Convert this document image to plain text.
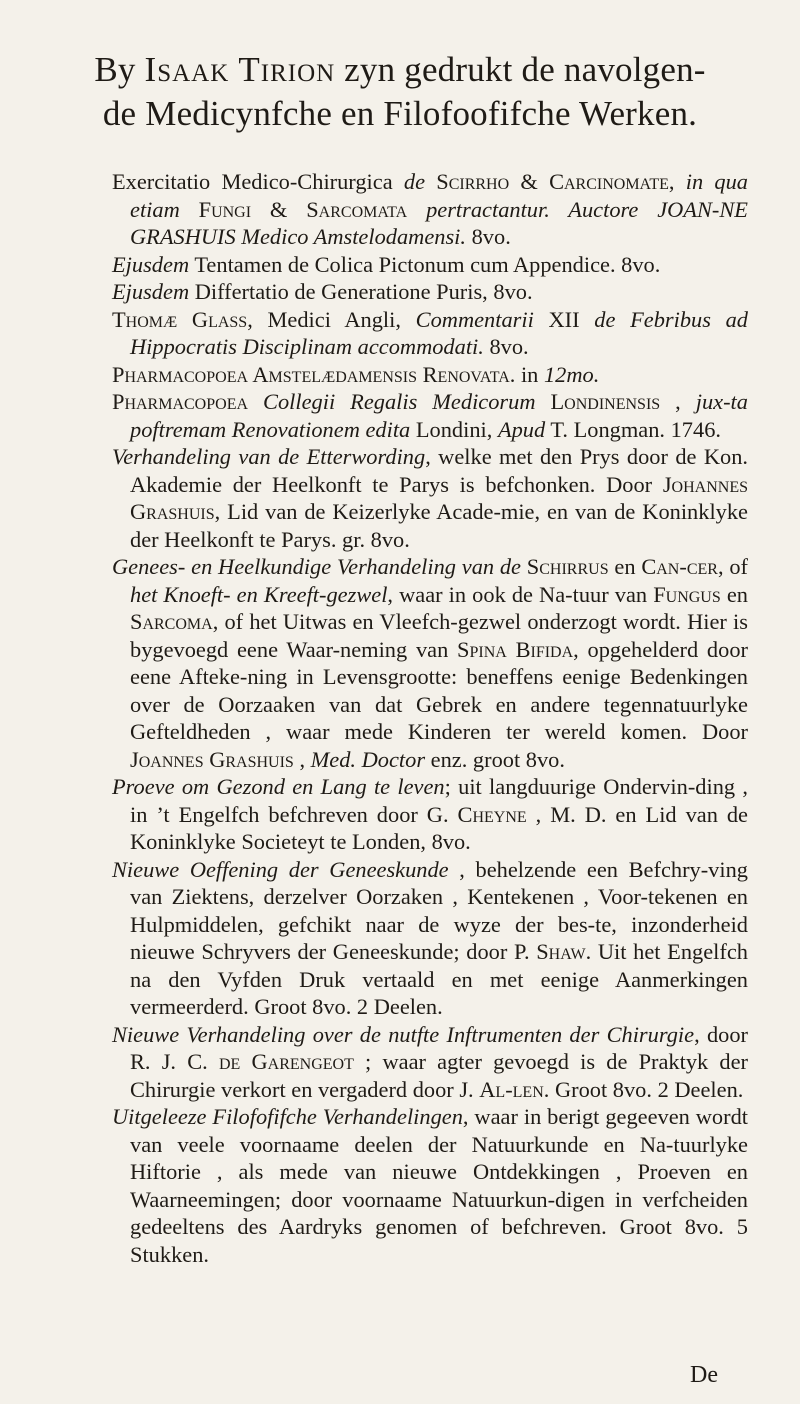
By Isaak Tirion zyn gedrukt de navolgen-
de Medicynfche en Filofoofifche Werken.

Exercitatio Medico-Chirurgica de Scirrho & Carcinomate, in qua etiam Fungi & Sarcomata pertractantur. Auctore JOAN-NE GRASHUIS Medico Amstelodamensi. 8vo.

Ejusdem Tentamen de Colica Pictonum cum Appendice. 8vo.

Ejusdem Differtatio de Generatione Puris, 8vo.

Thomæ Glass, Medici Angli, Commentarii XII de Febribus ad Hippocratis Disciplinam accommodati. 8vo.

Pharmacopoea Amstelædamensis Renovata. in 12mo.

Pharmacopoea Collegii Regalis Medicorum Londinensis , jux-ta poftremam Renovationem edita Londini, Apud T. Longman. 1746.

Verhandeling van de Etterwording, welke met den Prys door de Kon. Akademie der Heelkonft te Parys is befchonken. Door Johannes Grashuis, Lid van de Keizerlyke Acade-mie, en van de Koninklyke der Heelkonft te Parys. gr. 8vo.

Genees- en Heelkundige Verhandeling van de Schirrus en Can-cer, of het Knoeft- en Kreeft-gezwel, waar in ook de Na-tuur van Fungus en Sarcoma, of het Uitwas en Vleefch-gezwel onderzogt wordt. Hier is bygevoegd eene Waar-neming van Spina Bifida, opgehelderd door eene Afteke-ning in Levensgrootte: beneffens eenige Bedenkingen over de Oorzaaken van dat Gebrek en andere tegennatuurlyke Gefteldheden , waar mede Kinderen ter wereld komen. Door Joannes Grashuis , Med. Doctor enz. groot 8vo.

Proeve om Gezond en Lang te leven; uit langduurige Ondervin-ding , in ’t Engelfch befchreven door G. Cheyne , M. D. en Lid van de Koninklyke Societeyt te Londen, 8vo.

Nieuwe Oeffening der Geneeskunde , behelzende een Befchry-ving van Ziektens, derzelver Oorzaken , Kentekenen , Voor-tekenen en Hulpmiddelen, gefchikt naar de wyze der bes-te, inzonderheid nieuwe Schryvers der Geneeskunde; door P. Shaw. Uit het Engelfch na den Vyfden Druk vertaald en met eenige Aanmerkingen vermeerderd. Groot 8vo. 2 Deelen.

Nieuwe Verhandeling over de nutfte Inftrumenten der Chirurgie, door R. J. C. de Garengeot ; waar agter gevoegd is de Praktyk der Chirurgie verkort en vergaderd door J. Al-len. Groot 8vo. 2 Deelen.

Uitgeleeze Filofofifche Verhandelingen, waar in berigt gegeeven wordt van veele voornaame deelen der Natuurkunde en Na-tuurlyke Hiftorie , als mede van nieuwe Ontdekkingen , Proeven en Waarneemingen; door voornaame Natuurkun-digen in verfcheiden gedeeltens des Aardryks genomen of befchreven. Groot 8vo. 5 Stukken.

De
